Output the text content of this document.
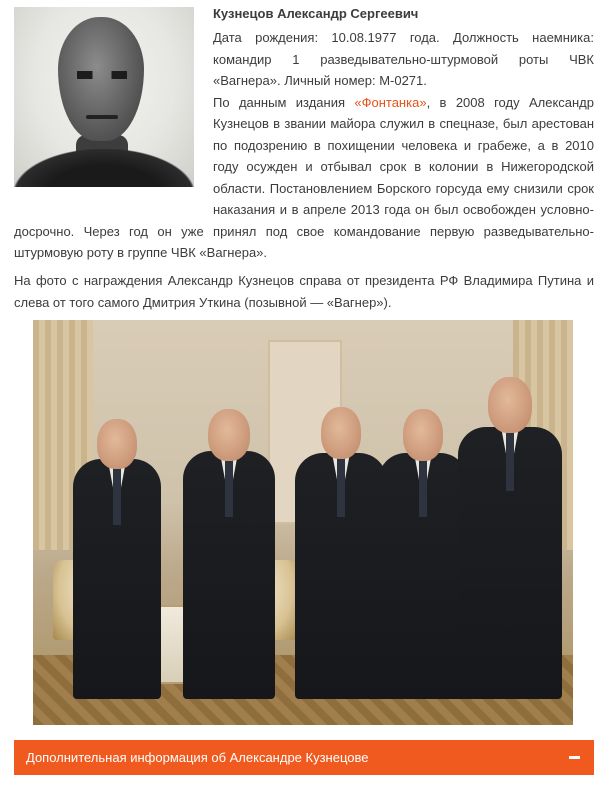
Кузнецов Александр Сергеевич

Дата рождения: 10.08.1977 года. Должность наемника: командир 1 разведывательно-штурмовой роты ЧВК «Вагнера». Личный номер: M-0271.

По данным издания «Фонтанка», в 2008 году Александр Кузнецов в звании майора служил в спецназе, был арестован по подозрению в похищении человека и грабеже, а в 2010 году осужден и отбывал срок в колонии в Нижегородской области. Постановлением Борского горсуда ему снизили срок наказания и в апреле 2013 года он был освобожден условно-досрочно. Через год он уже принял под свое командование первую разведывательно-штурмовую роту в группе ЧВК «Вагнера».

На фото с награждения Александр Кузнецов справа от президента РФ Владимира Путина и слева от того самого Дмитрия Уткина (позывной — «Вагнер»).

Дополнительная информация об Александре Кузнецове
